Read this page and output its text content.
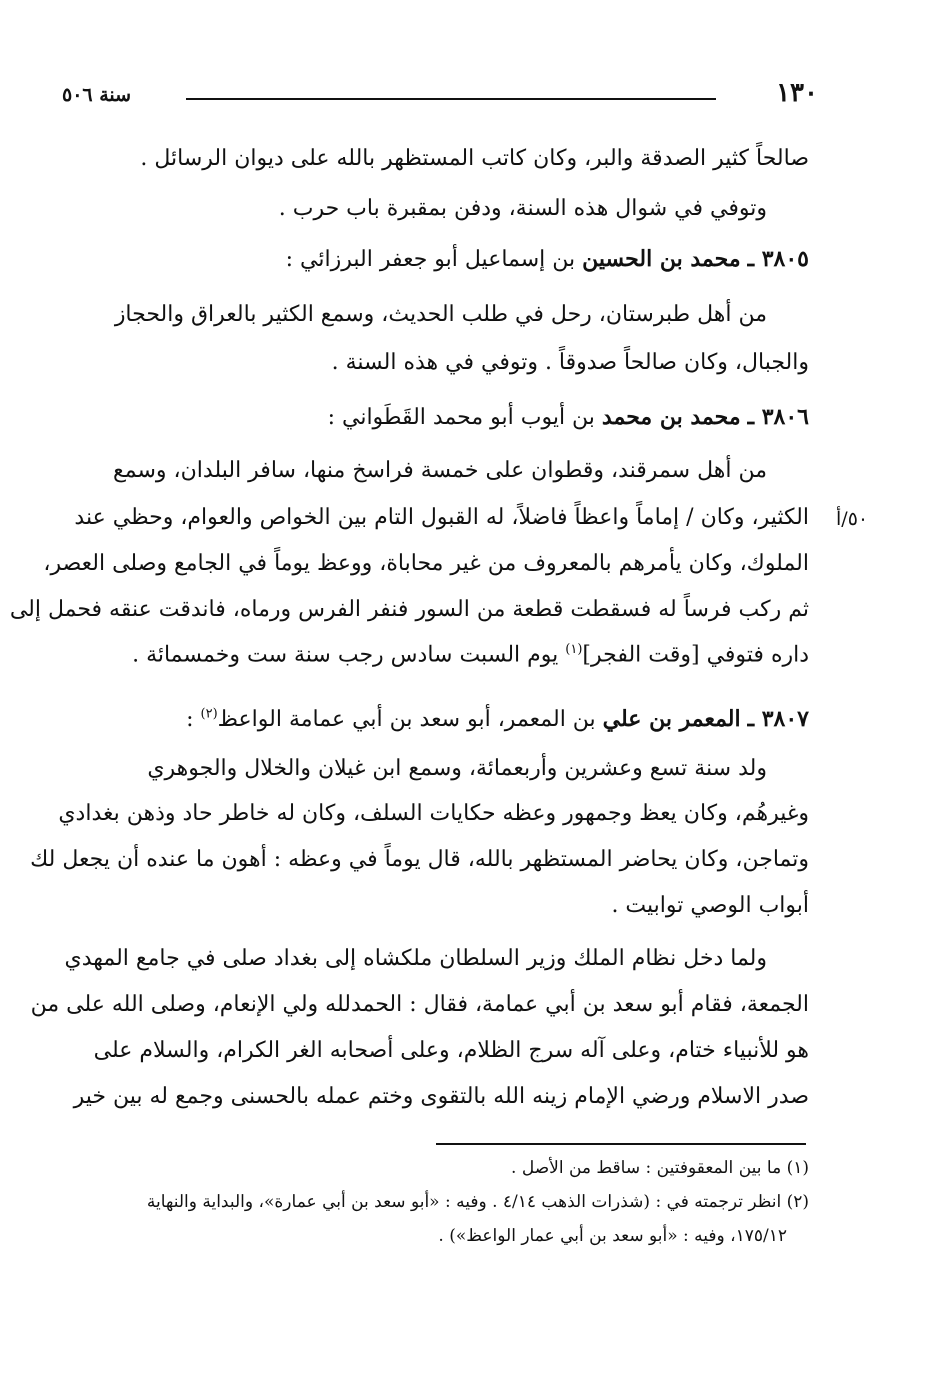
سنة ٥٠٦	١٣٠
صالحاً كثير الصدقة والبر، وكان كاتب المستظهر بالله على ديوان الرسائل .
وتوفي في شوال هذه السنة، ودفن بمقبرة باب حرب .
٣٨٠٥ ـ محمد بن الحسين بن إسماعيل أبو جعفر البرزائي :
من أهل طبرستان، رحل في طلب الحديث، وسمع الكثير بالعراق والحجاز
والجبال، وكان صالحاً صدوقاً . وتوفي في هذه السنة .
٣٨٠٦ ـ محمد بن محمد بن أيوب أبو محمد القَطَواني :
من أهل سمرقند، وقطوان على خمسة فراسخ منها، سافر البلدان، وسمع
الكثير، وكان / إماماً واعظاً فاضلاً، له القبول التام بين الخواص والعوام، وحظي عند
الملوك، وكان يأمرهم بالمعروف من غير محاباة، ووعظ يوماً في الجامع وصلى العصر،
ثم ركب فرساً له فسقطت قطعة من السور فنفر الفرس ورماه، فاندقت عنقه فحمل إلى
داره فتوفي [وقت الفجر]$^{(١)}$ يوم السبت سادس رجب سنة ست وخمسمائة .
٥٠/أ
٣٨٠٧ ـ المعمر بن علي بن المعمر، أبو سعد بن أبي عمامة الواعظ$^{(٢)}$ :
ولد سنة تسع وعشرين وأربعمائة، وسمع ابن غيلان والخلال والجوهري
وغيرهُم، وكان يعظ وجمهور وعظه حكايات السلف، وكان له خاطر حاد وذهن بغدادي
وتماجن، وكان يحاضر المستظهر بالله، قال يوماً في وعظه : أهون ما عنده أن يجعل لك
أبواب الوصي توابيت .
ولما دخل نظام الملك وزير السلطان ملكشاه إلى بغداد صلى في جامع المهدي
الجمعة، فقام أبو سعد بن أبي عمامة، فقال : الحمدلله ولي الإنعام، وصلى الله على من
هو للأنبياء ختام، وعلى آله سرج الظلام، وعلى أصحابه الغر الكرام، والسلام على
صدر الاسلام ورضي الإمام زينه الله بالتقوى وختم عمله بالحسنى وجمع له بين خير
(١) ما بين المعقوفتين : ساقط من الأصل .
(٢) انظر ترجمته في : (شذرات الذهب ٤/١٤ . وفيه : «أبو سعد بن أبي عمارة»، والبداية والنهاية
١٧٥/١٢، وفيه : «أبو سعد بن أبي عمار الواعظ») .
